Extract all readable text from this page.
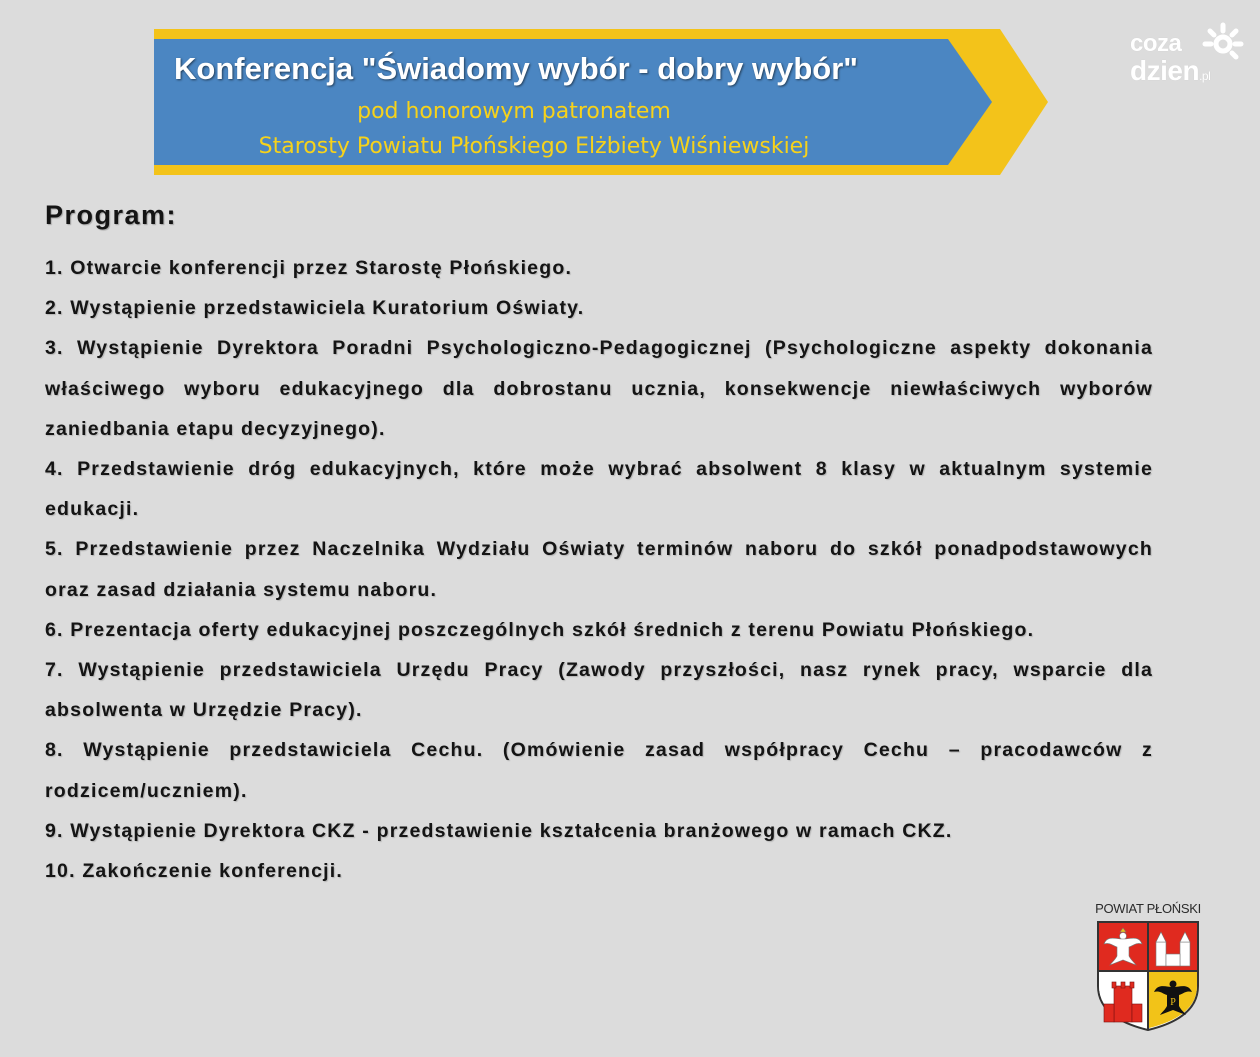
Konferencja "Świadomy wybór - dobry wybór"
pod honorowym patronatem
Starosty Powiatu Płońskiego Elżbiety Wiśniewskiej
coza
dzien.pl
Program:
1. Otwarcie konferencji przez Starostę Płońskiego.
2. Wystąpienie przedstawiciela Kuratorium Oświaty.
3. Wystąpienie Dyrektora Poradni Psychologiczno-Pedagogicznej (Psychologiczne aspekty dokonania właściwego wyboru edukacyjnego dla dobrostanu ucznia, konsekwencje niewłaściwych wyborów zaniedbania etapu decyzyjnego).
4. Przedstawienie dróg edukacyjnych, które może wybrać absolwent 8 klasy w aktualnym systemie edukacji.
5. Przedstawienie przez Naczelnika Wydziału Oświaty terminów naboru do szkół ponadpodstawowych oraz zasad działania systemu naboru.
6. Prezentacja oferty edukacyjnej poszczególnych szkół średnich z terenu Powiatu Płońskiego.
7. Wystąpienie przedstawiciela Urzędu Pracy (Zawody przyszłości, nasz rynek pracy, wsparcie dla absolwenta w Urzędzie Pracy).
8. Wystąpienie przedstawiciela Cechu. (Omówienie zasad współpracy Cechu – pracodawców z rodzicem/uczniem).
9. Wystąpienie Dyrektora CKZ - przedstawienie kształcenia branżowego w ramach CKZ.
10. Zakończenie konferencji.
POWIAT PŁOŃSKI
P
